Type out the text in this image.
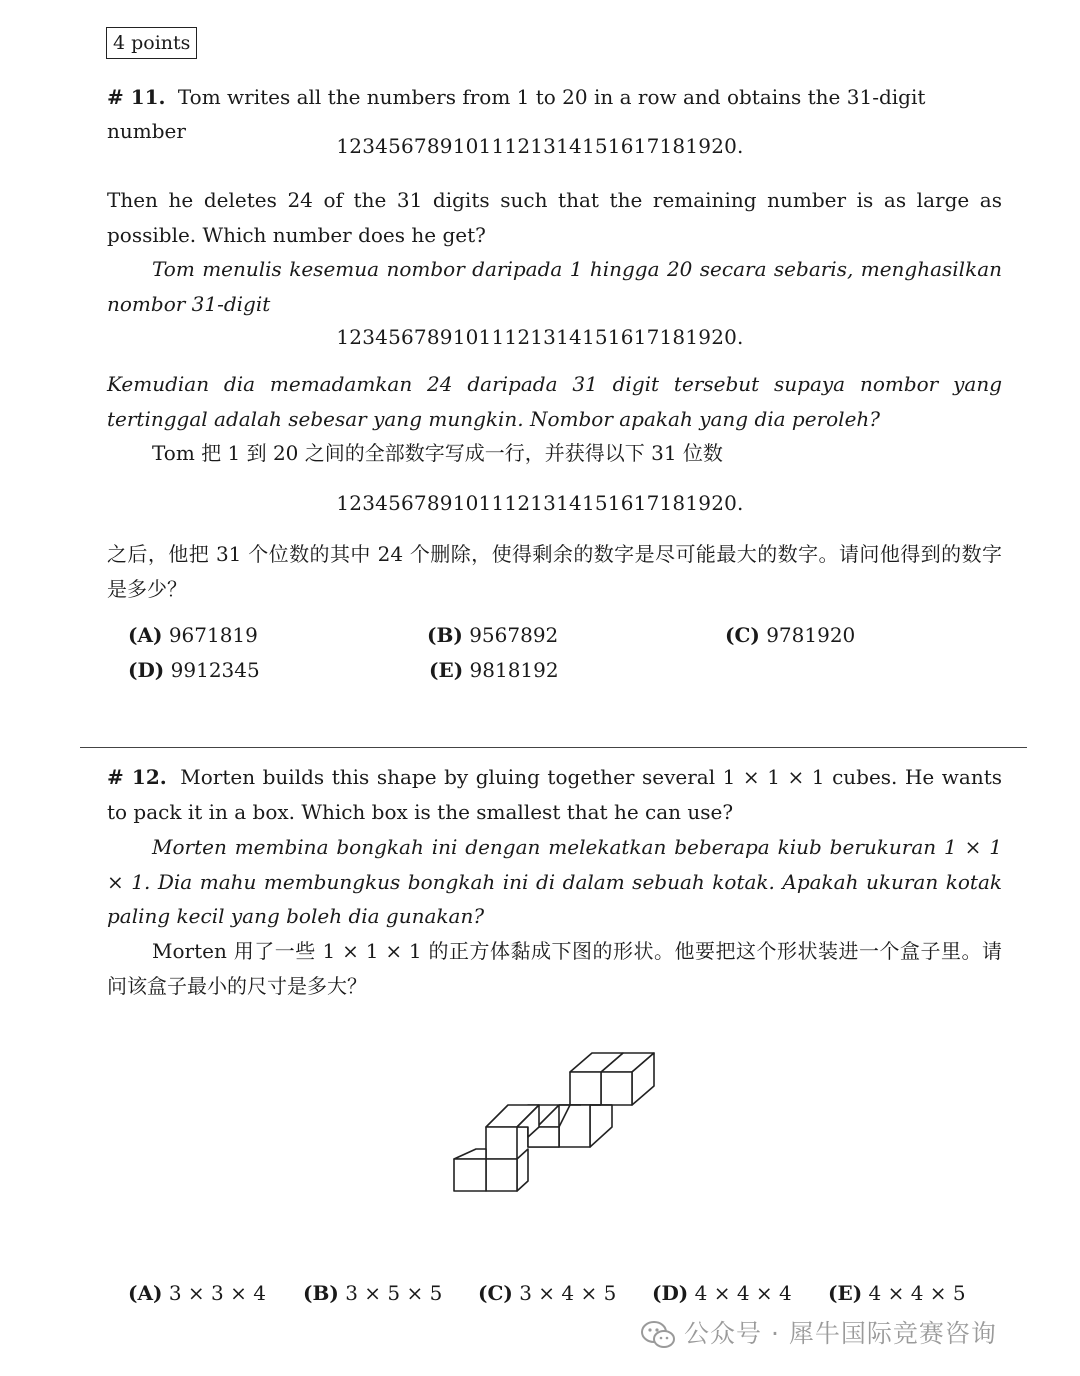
4 points
# 11. Tom writes all the numbers from 1 to 20 in a row and obtains the 31-digit number
1234567891011121314151617181920.
Then he deletes 24 of the 31 digits such that the remaining number is as large as possible. Which number does he get?
Tom menulis kesemua nombor daripada 1 hingga 20 secara sebaris, menghasilkan nombor 31-digit
1234567891011121314151617181920.
Kemudian dia memadamkan 24 daripada 31 digit tersebut supaya nombor yang tertinggal adalah sebesar yang mungkin. Nombor apakah yang dia peroleh?
Tom 把 1 到 20 之间的全部数字写成一行，并获得以下 31 位数
1234567891011121314151617181920.
之后，他把 31 个位数的其中 24 个删除，使得剩余的数字是尽可能最大的数字。请问他得到的数字是多少？
(A) 9671819	(B) 9567892	(C) 9781920
(D) 9912345	(E) 9818192
# 12. Morten builds this shape by gluing together several 1 × 1 × 1 cubes. He wants to pack it in a box. Which box is the smallest that he can use?
Morten membina bongkah ini dengan melekatkan beberapa kiub berukuran 1 × 1 × 1. Dia mahu membungkus bongkah ini di dalam sebuah kotak. Apakah ukuran kotak paling kecil yang boleh dia gunakan?
Morten 用了一些 1 × 1 × 1 的正方体黏成下图的形状。他要把这个形状装进一个盒子里。请问该盒子最小的尺寸是多大？
(A) 3 × 3 × 4 (B) 3 × 5 × 5 (C) 3 × 4 × 5 (D) 4 × 4 × 4 (E) 4 × 4 × 5
公众号 · 犀牛国际竞赛咨询
